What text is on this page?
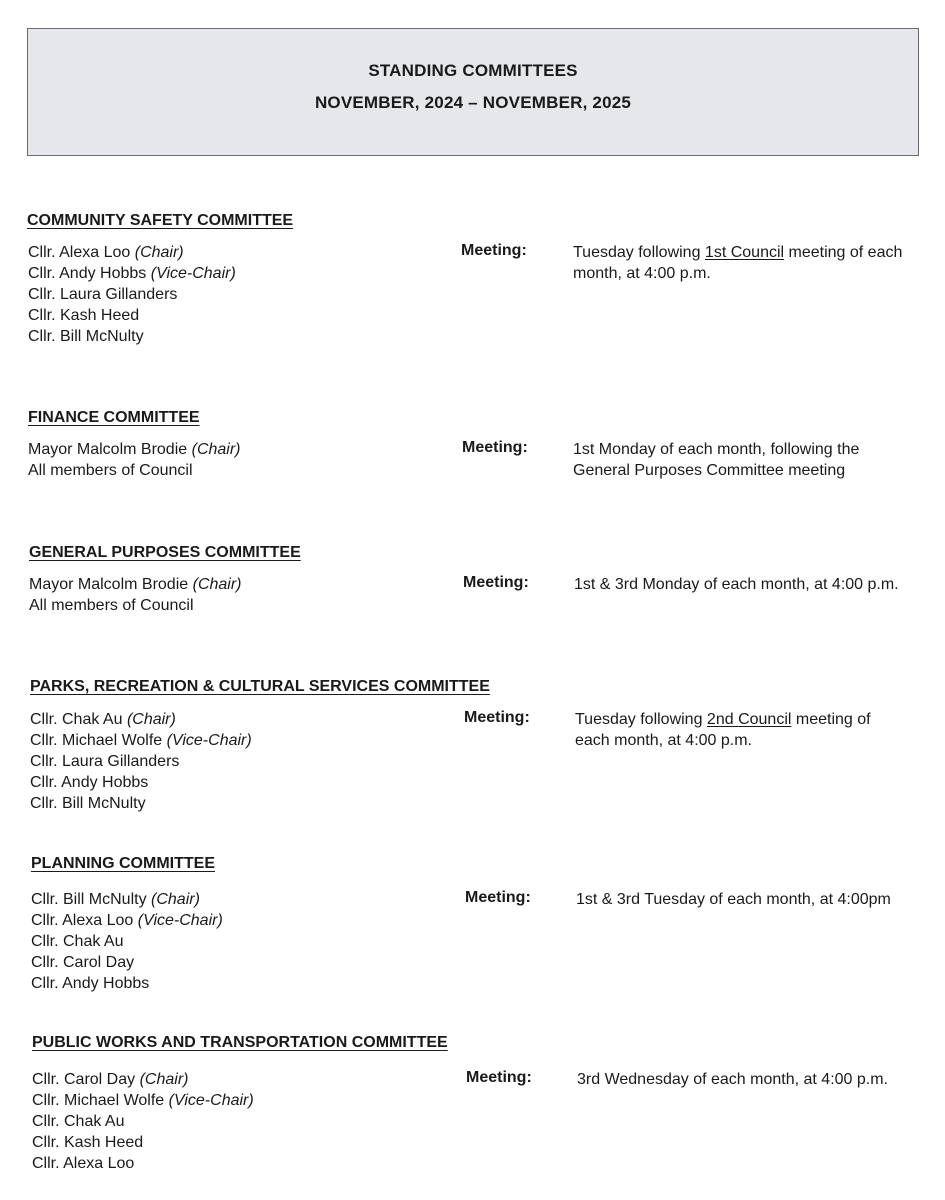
STANDING COMMITTEES
NOVEMBER, 2024 – NOVEMBER, 2025
COMMUNITY SAFETY COMMITTEE
Cllr. Alexa Loo (Chair)
Cllr. Andy Hobbs (Vice-Chair)
Cllr. Laura Gillanders
Cllr. Kash Heed
Cllr. Bill McNulty
Meeting:	Tuesday following 1st Council meeting of each month, at 4:00 p.m.
FINANCE COMMITTEE
Mayor Malcolm Brodie (Chair)
All members of Council
Meeting:	1st Monday of each month, following the General Purposes Committee meeting
GENERAL PURPOSES COMMITTEE
Mayor Malcolm Brodie (Chair)
All members of Council
Meeting:	1st & 3rd Monday of each month, at 4:00 p.m.
PARKS, RECREATION & CULTURAL SERVICES COMMITTEE
Cllr. Chak Au (Chair)
Cllr. Michael Wolfe (Vice-Chair)
Cllr. Laura Gillanders
Cllr. Andy Hobbs
Cllr. Bill McNulty
Meeting:	Tuesday following 2nd Council meeting of each month, at 4:00 p.m.
PLANNING COMMITTEE
Cllr. Bill McNulty (Chair)
Cllr. Alexa Loo (Vice-Chair)
Cllr. Chak Au
Cllr. Carol Day
Cllr. Andy Hobbs
Meeting:	1st & 3rd Tuesday of each month, at 4:00pm
PUBLIC WORKS AND TRANSPORTATION COMMITTEE
Cllr. Carol Day (Chair)
Cllr. Michael Wolfe (Vice-Chair)
Cllr. Chak Au
Cllr. Kash Heed
Cllr. Alexa Loo
Meeting:	3rd Wednesday of each month, at 4:00 p.m.
